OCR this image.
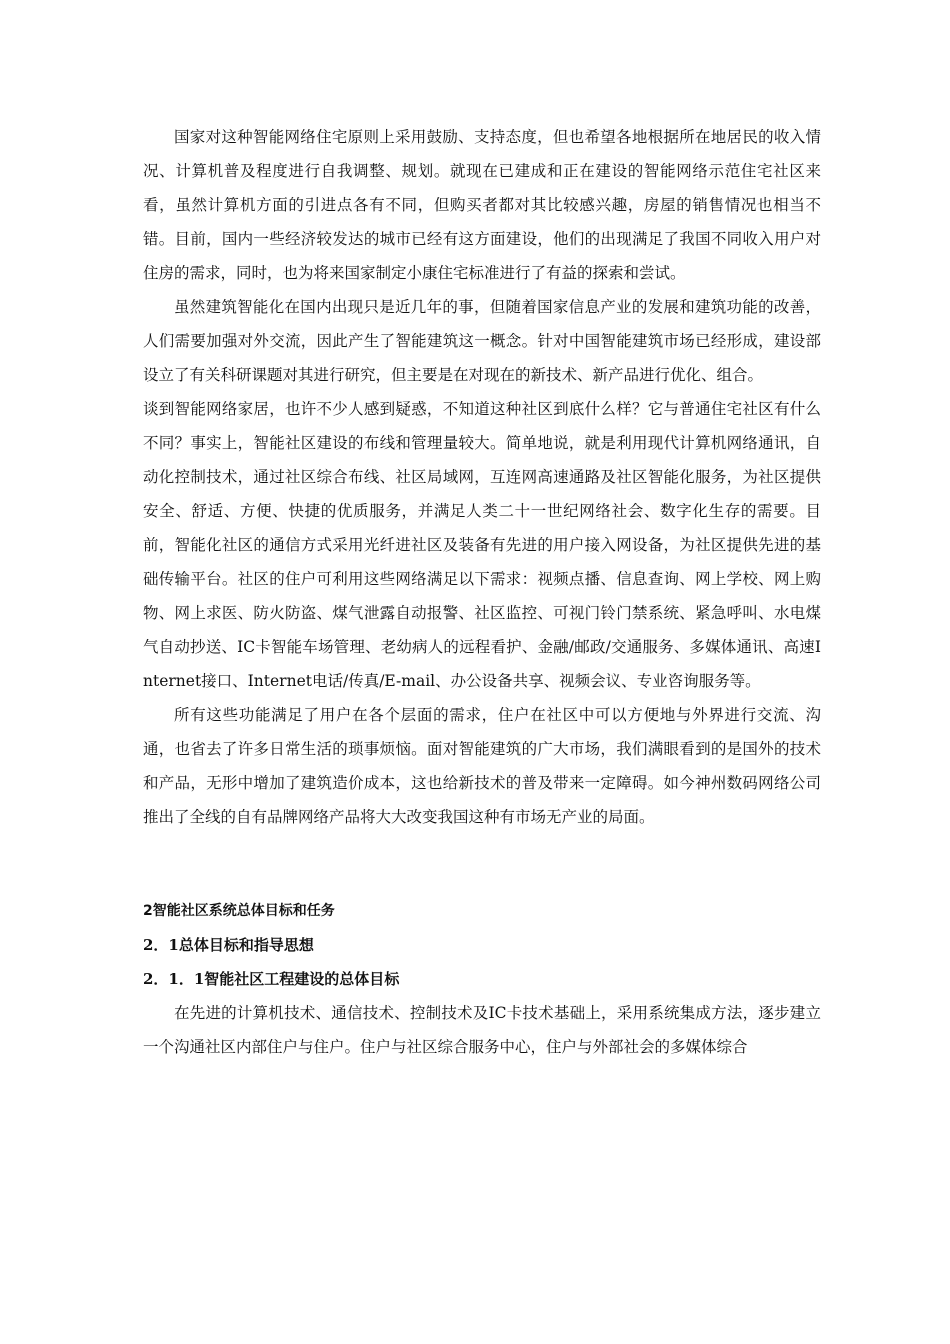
国家对这种智能网络住宅原则上采用鼓励、支持态度，但也希望各地根据所在地居民的收入情况、计算机普及程度进行自我调整、规划。就现在已建成和正在建设的智能网络示范住宅社区来看，虽然计算机方面的引进点各有不同，但购买者都对其比较感兴趣，房屋的销售情况也相当不错。目前，国内一些经济较发达的城市已经有这方面建设，他们的出现满足了我国不同收入用户对住房的需求，同时，也为将来国家制定小康住宅标准进行了有益的探索和尝试。

虽然建筑智能化在国内出现只是近几年的事，但随着国家信息产业的发展和建筑功能的改善，人们需要加强对外交流，因此产生了智能建筑这一概念。针对中国智能建筑市场已经形成，建设部设立了有关科研课题对其进行研究，但主要是在对现在的新技术、新产品进行优化、组合。

谈到智能网络家居，也许不少人感到疑惑，不知道这种社区到底什么样？它与普通住宅社区有什么不同？事实上，智能社区建设的布线和管理量较大。简单地说，就是利用现代计算机网络通讯，自动化控制技术，通过社区综合布线、社区局域网，互连网高速通路及社区智能化服务，为社区提供安全、舒适、方便、快捷的优质服务，并满足人类二十一世纪网络社会、数字化生存的需要。目前，智能化社区的通信方式采用光纤进社区及装备有先进的用户接入网设备，为社区提供先进的基础传输平台。社区的住户可利用这些网络满足以下需求：视频点播、信息查询、网上学校、网上购物、网上求医、防火防盗、煤气泄露自动报警、社区监控、可视门铃门禁系统、紧急呼叫、水电煤气自动抄送、IC卡智能车场管理、老幼病人的远程看护、金融/邮政/交通服务、多媒体通讯、高速Internet接口、Internet电话/传真/E-mail、办公设备共享、视频会议、专业咨询服务等。

所有这些功能满足了用户在各个层面的需求，住户在社区中可以方便地与外界进行交流、沟通，也省去了许多日常生活的琐事烦恼。面对智能建筑的广大市场，我们满眼看到的是国外的技术和产品，无形中增加了建筑造价成本，这也给新技术的普及带来一定障碍。如今神州数码网络公司推出了全线的自有品牌网络产品将大大改变我国这种有市场无产业的局面。

2智能社区系统总体目标和任务
2．1总体目标和指导思想
2．1．1智能社区工程建设的总体目标

在先进的计算机技术、通信技术、控制技术及IC卡技术基础上，采用系统集成方法，逐步建立一个沟通社区内部住户与住户。住户与社区综合服务中心，住户与外部社会的多媒体综合
